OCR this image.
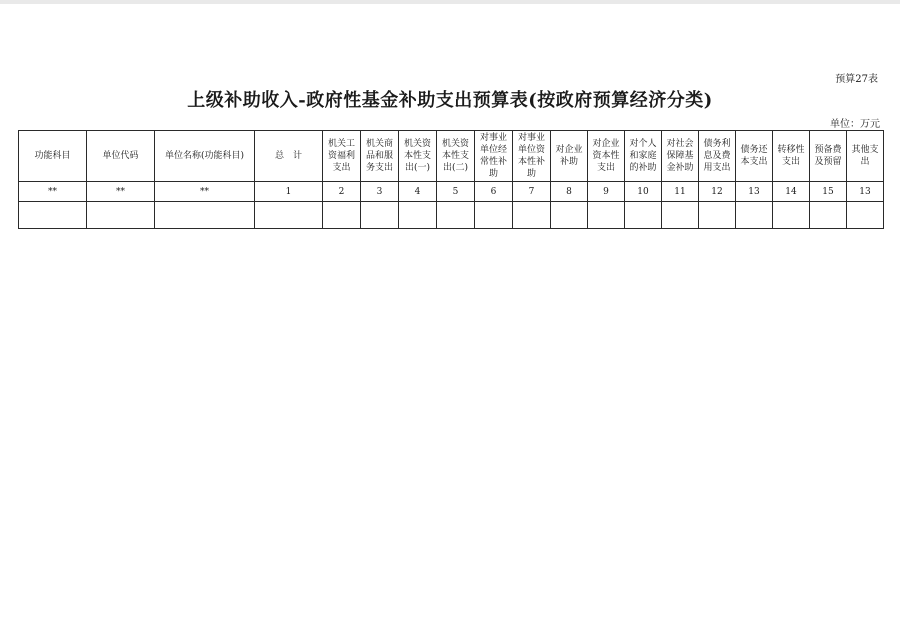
预算27表
上级补助收入-政府性基金补助支出预算表(按政府预算经济分类)
单位：万元
功能科目	单位代码	单位名称(功能科目)	总　计	机关工资福利支出	机关商品和服务支出	机关资本性支出(一)	机关资本性支出(二)	对事业单位经常性补助	对事业单位资本性补助	对企业补助	对企业资本性支出	对个人和家庭的补助	对社会保障基金补助	债务利息及费用支出	债务还本支出	转移性支出	预备费及预留	其他支出
**	**	**	1	2	3	4	5	6	7	8	9	10	11	12	13	14	15	13
